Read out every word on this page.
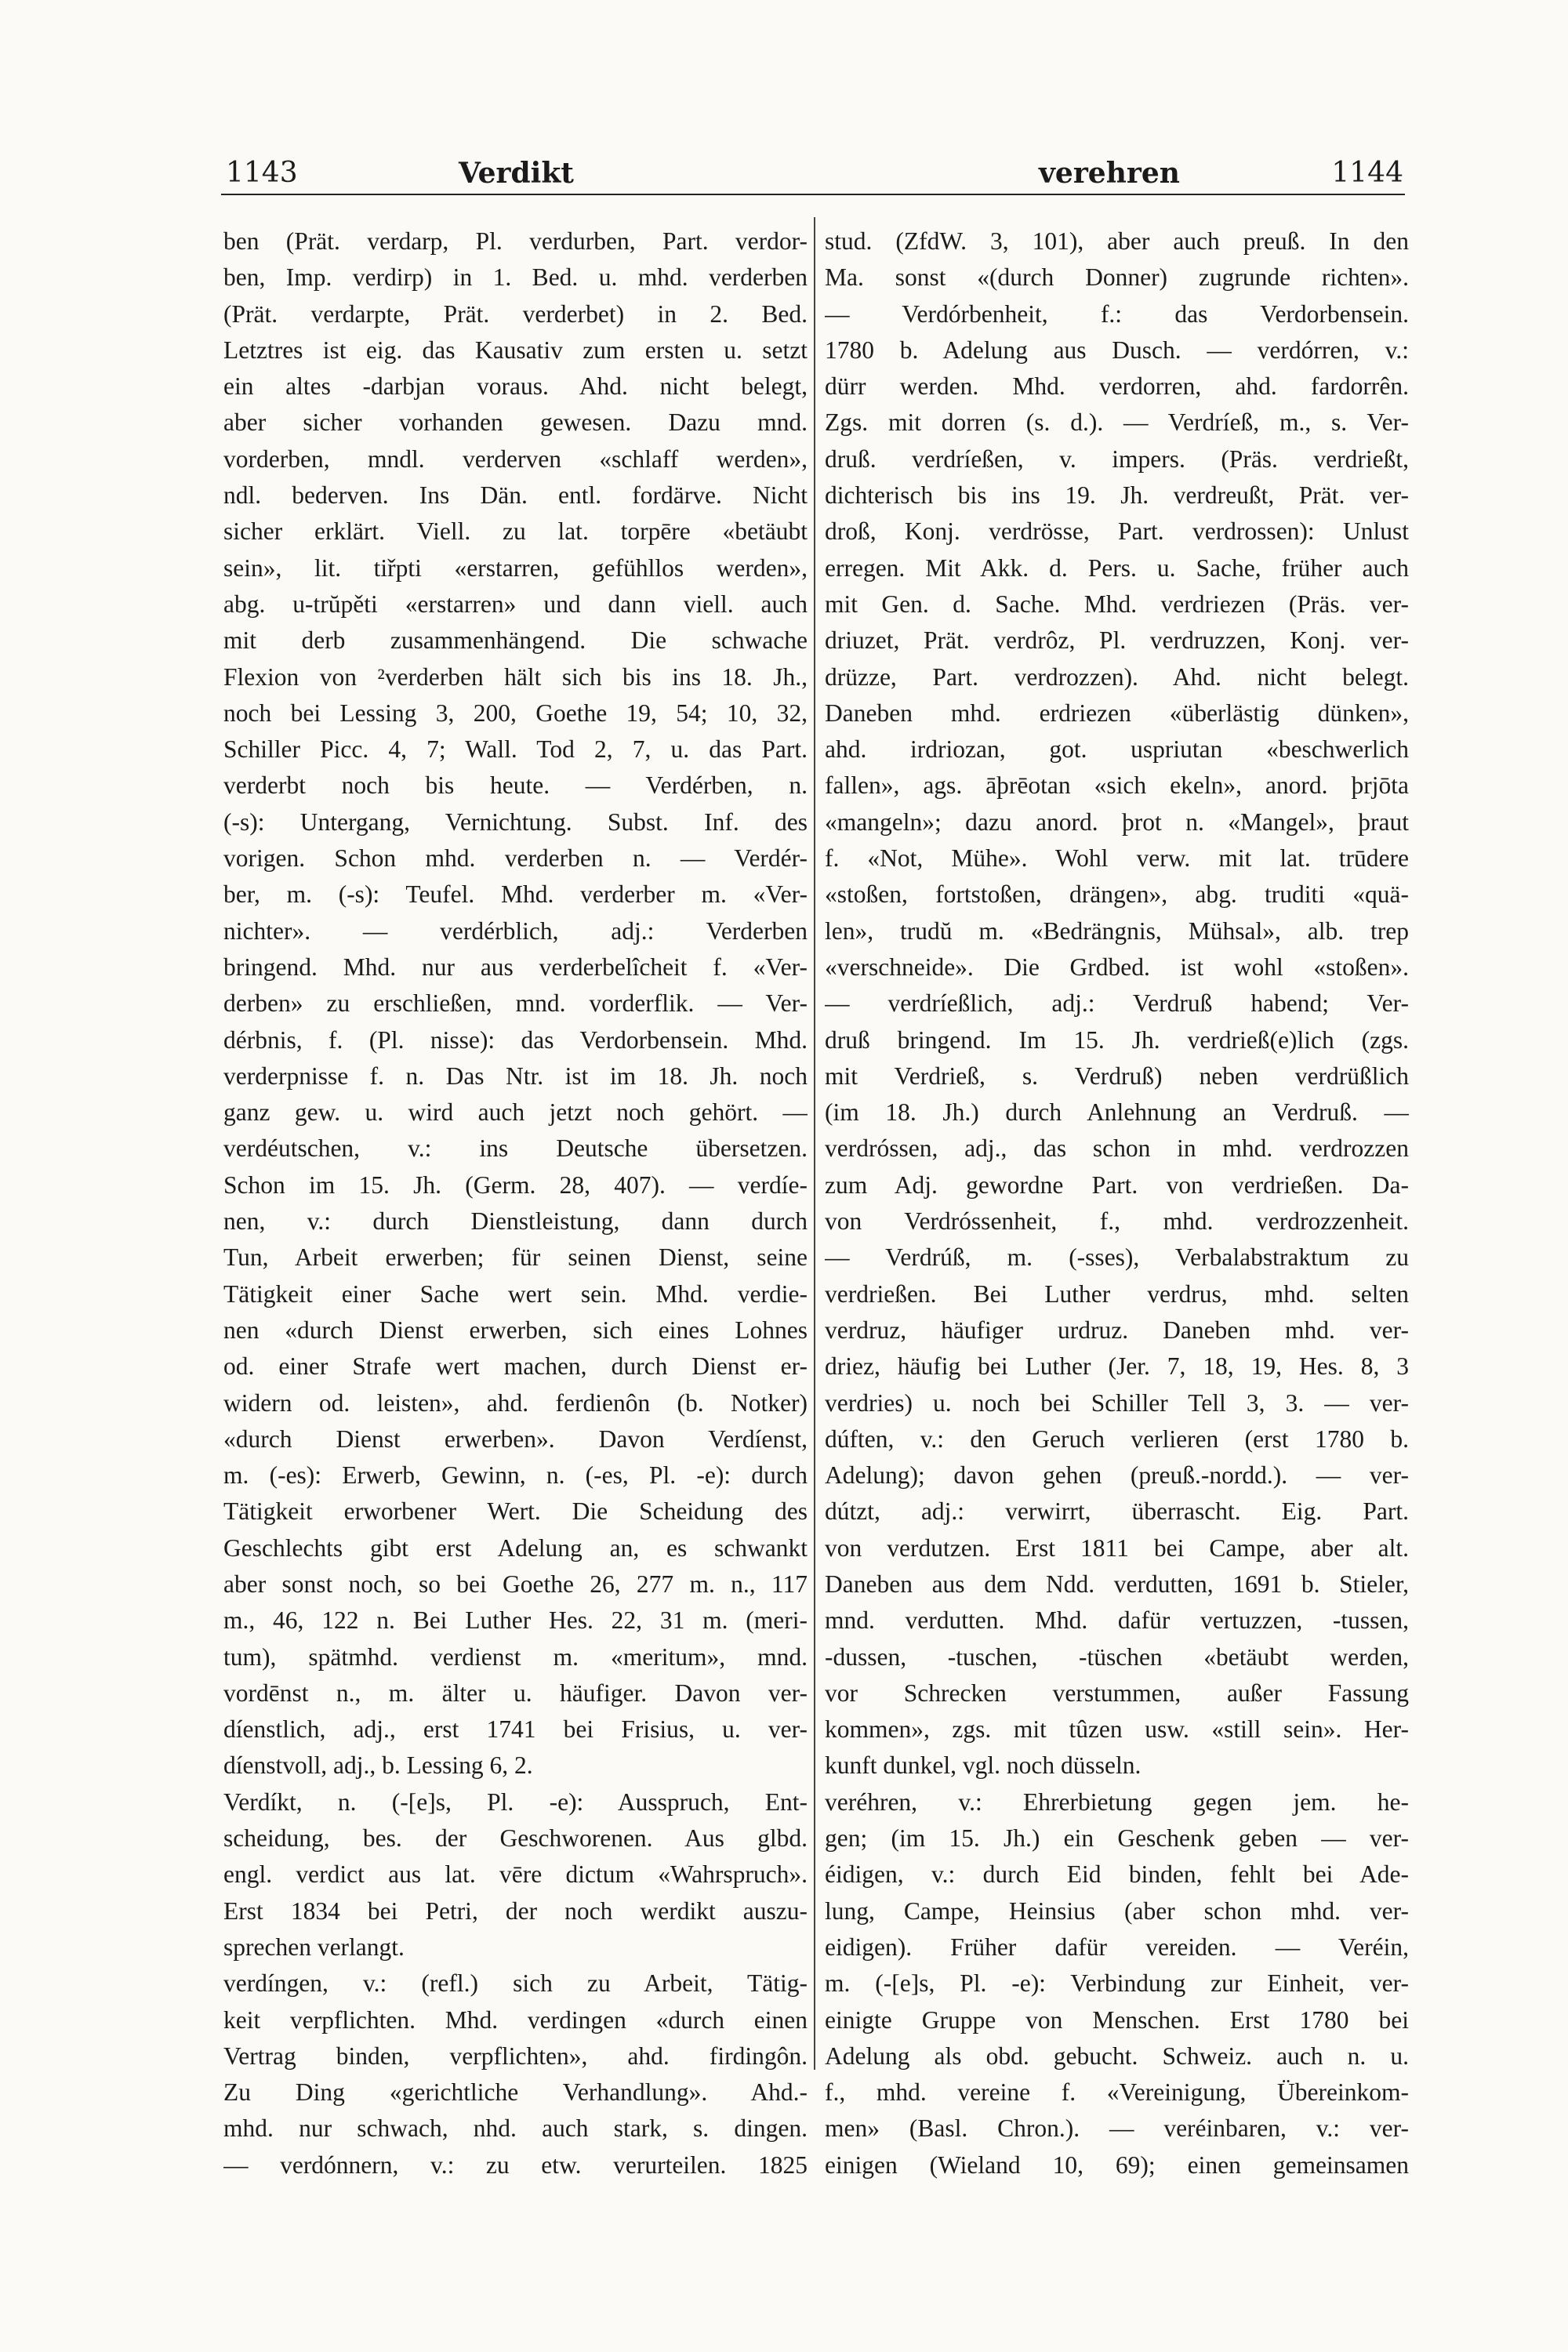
1143	Verdikt	verehren	1144
ben (Prät. verdarp, Pl. verdurben, Part. verdor-
ben, Imp. verdirp) in 1. Bed. u. mhd. verderben
(Prät. verdarpte, Prät. verderbet) in 2. Bed.
Letztres ist eig. das Kausativ zum ersten u. setzt
ein altes -darbjan voraus. Ahd. nicht belegt,
aber sicher vorhanden gewesen. Dazu mnd.
vorderben, mndl. verderven «schlaff werden»,
ndl. bederven. Ins Dän. entl. fordärve. Nicht
sicher erklärt. Viell. zu lat. torpēre «betäubt
sein», lit. tiřpti «erstarren, gefühllos werden»,
abg. u-trŭpěti «erstarren» und dann viell. auch
mit derb zusammenhängend. Die schwache
Flexion von ²verderben hält sich bis ins 18. Jh.,
noch bei Lessing 3, 200, Goethe 19, 54; 10, 32,
Schiller Picc. 4, 7; Wall. Tod 2, 7, u. das Part.
verderbt noch bis heute. — Verdérben, n.
(-s): Untergang, Vernichtung. Subst. Inf. des
vorigen. Schon mhd. verderben n. — Verdér-
ber, m. (-s): Teufel. Mhd. verderber m. «Ver-
nichter». — verdérblich, adj.: Verderben
bringend. Mhd. nur aus verderbelîcheit f. «Ver-
derben» zu erschließen, mnd. vorderflik. — Ver-
dérbnis, f. (Pl. nisse): das Verdorbensein. Mhd.
verderpnisse f. n. Das Ntr. ist im 18. Jh. noch
ganz gew. u. wird auch jetzt noch gehört. —
verdéutschen, v.: ins Deutsche übersetzen.
Schon im 15. Jh. (Germ. 28, 407). — verdíe-
nen, v.: durch Dienstleistung, dann durch
Tun, Arbeit erwerben; für seinen Dienst, seine
Tätigkeit einer Sache wert sein. Mhd. verdie-
nen «durch Dienst erwerben, sich eines Lohnes
od. einer Strafe wert machen, durch Dienst er-
widern od. leisten», ahd. ferdienôn (b. Notker)
«durch Dienst erwerben». Davon Verdíenst,
m. (-es): Erwerb, Gewinn, n. (-es, Pl. -e): durch
Tätigkeit erworbener Wert. Die Scheidung des
Geschlechts gibt erst Adelung an, es schwankt
aber sonst noch, so bei Goethe 26, 277 m. n., 117
m., 46, 122 n. Bei Luther Hes. 22, 31 m. (meri-
tum), spätmhd. verdienst m. «meritum», mnd.
vordēnst n., m. älter u. häufiger. Davon ver-
díenstlich, adj., erst 1741 bei Frisius, u. ver-
díenstvoll, adj., b. Lessing 6, 2.
Verdíkt, n. (-[e]s, Pl. -e): Ausspruch, Ent-
scheidung, bes. der Geschworenen. Aus glbd.
engl. verdict aus lat. vēre dictum «Wahrspruch».
Erst 1834 bei Petri, der noch werdikt auszu-
sprechen verlangt.
verdíngen, v.: (refl.) sich zu Arbeit, Tätig-
keit verpflichten. Mhd. verdingen «durch einen
Vertrag binden, verpflichten», ahd. firdingôn.
Zu Ding «gerichtliche Verhandlung». Ahd.-
mhd. nur schwach, nhd. auch stark, s. dingen.
— verdónnern, v.: zu etw. verurteilen. 1825
stud. (ZfdW. 3, 101), aber auch preuß. In den
Ma. sonst «(durch Donner) zugrunde richten».
— Verdórbenheit, f.: das Verdorbensein.
1780 b. Adelung aus Dusch. — verdórren, v.:
dürr werden. Mhd. verdorren, ahd. fardorrên.
Zgs. mit dorren (s. d.). — Verdríeß, m., s. Ver-
druß. verdríeßen, v. impers. (Präs. verdrießt,
dichterisch bis ins 19. Jh. verdreußt, Prät. ver-
droß, Konj. verdrösse, Part. verdrossen): Unlust
erregen. Mit Akk. d. Pers. u. Sache, früher auch
mit Gen. d. Sache. Mhd. verdriezen (Präs. ver-
driuzet, Prät. verdrôz, Pl. verdruzzen, Konj. ver-
drüzze, Part. verdrozzen). Ahd. nicht belegt.
Daneben mhd. erdriezen «überlästig dünken»,
ahd. irdriozan, got. uspriutan «beschwerlich
fallen», ags. āþrēotan «sich ekeln», anord. þrjōta
«mangeln»; dazu anord. þrot n. «Mangel», þraut
f. «Not, Mühe». Wohl verw. mit lat. trūdere
«stoßen, fortstoßen, drängen», abg. truditi «quä-
len», trudŭ m. «Bedrängnis, Mühsal», alb. trep
«verschneide». Die Grdbed. ist wohl «stoßen».
— verdríeßlich, adj.: Verdruß habend; Ver-
druß bringend. Im 15. Jh. verdrieß(e)lich (zgs.
mit Verdrieß, s. Verdruß) neben verdrüßlich
(im 18. Jh.) durch Anlehnung an Verdruß. —
verdróssen, adj., das schon in mhd. verdrozzen
zum Adj. gewordne Part. von verdrießen. Da-
von Verdróssenheit, f., mhd. verdrozzenheit.
— Verdrúß, m. (-sses), Verbalabstraktum zu
verdrießen. Bei Luther verdrus, mhd. selten
verdruz, häufiger urdruz. Daneben mhd. ver-
driez, häufig bei Luther (Jer. 7, 18, 19, Hes. 8, 3
verdries) u. noch bei Schiller Tell 3, 3. — ver-
dúften, v.: den Geruch verlieren (erst 1780 b.
Adelung); davon gehen (preuß.-nordd.). — ver-
dútzt, adj.: verwirrt, überrascht. Eig. Part.
von verdutzen. Erst 1811 bei Campe, aber alt.
Daneben aus dem Ndd. verdutten, 1691 b. Stieler,
mnd. verdutten. Mhd. dafür vertuzzen, -tussen,
-dussen, -tuschen, -tüschen «betäubt werden,
vor Schrecken verstummen, außer Fassung
kommen», zgs. mit tûzen usw. «still sein». Her-
kunft dunkel, vgl. noch düsseln.
veréhren, v.: Ehrerbietung gegen jem. he-
gen; (im 15. Jh.) ein Geschenk geben — ver-
éidigen, v.: durch Eid binden, fehlt bei Ade-
lung, Campe, Heinsius (aber schon mhd. ver-
eidigen). Früher dafür vereiden. — Veréin,
m. (-[e]s, Pl. -e): Verbindung zur Einheit, ver-
einigte Gruppe von Menschen. Erst 1780 bei
Adelung als obd. gebucht. Schweiz. auch n. u.
f., mhd. vereine f. «Vereinigung, Übereinkom-
men» (Basl. Chron.). — veréinbaren, v.: ver-
einigen (Wieland 10, 69); einen gemeinsamen
